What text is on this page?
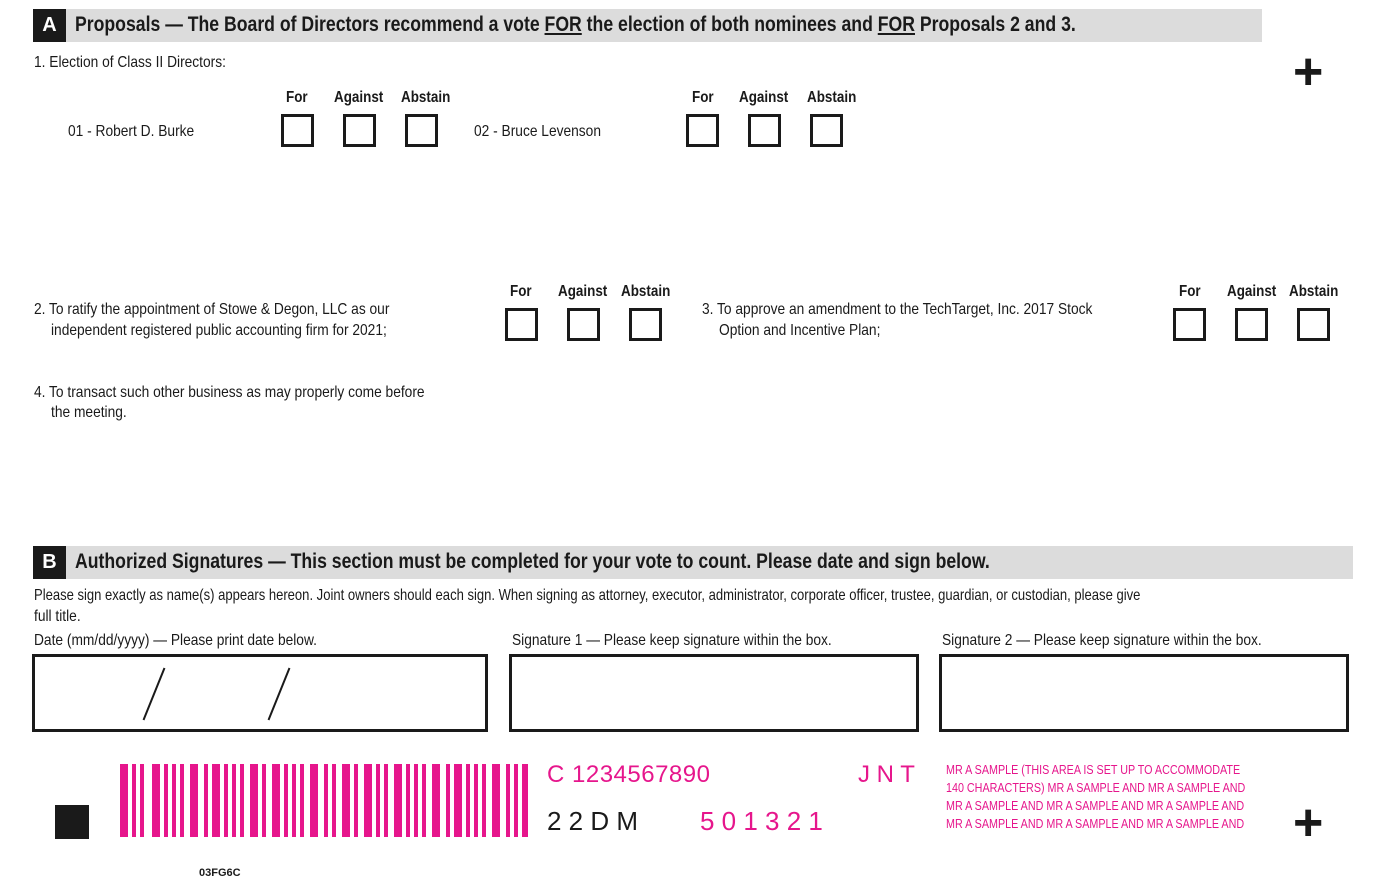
A Proposals — The Board of Directors recommend a vote FOR the election of both nominees and FOR Proposals 2 and 3.
+
1. Election of Class II Directors:
For Against Abstain
01 - Robert D. Burke
For Against Abstain
02 - Bruce Levenson
2. To ratify the appointment of Stowe & Degon, LLC as our
independent registered public accounting firm for 2021;
For Against Abstain
3. To approve an amendment to the TechTarget, Inc. 2017 Stock
Option and Incentive Plan;
For Against Abstain
4. To transact such other business as may properly come before
the meeting.
B Authorized Signatures — This section must be completed for your vote to count. Please date and sign below.
Please sign exactly as name(s) appears hereon. Joint owners should each sign. When signing as attorney, executor, administrator, corporate officer, trustee, guardian, or custodian, please give
full title.
Date (mm/dd/yyyy) — Please print date below.	Signature 1 — Please keep signature within the box.	Signature 2 — Please keep signature within the box.
C 1234567890	J N T
2 2 D M 5 0 1 3 2 1
MR A SAMPLE (THIS AREA IS SET UP TO ACCOMMODATE
140 CHARACTERS) MR A SAMPLE AND MR A SAMPLE AND
MR A SAMPLE AND MR A SAMPLE AND MR A SAMPLE AND
MR A SAMPLE AND MR A SAMPLE AND MR A SAMPLE AND +
03FG6C
